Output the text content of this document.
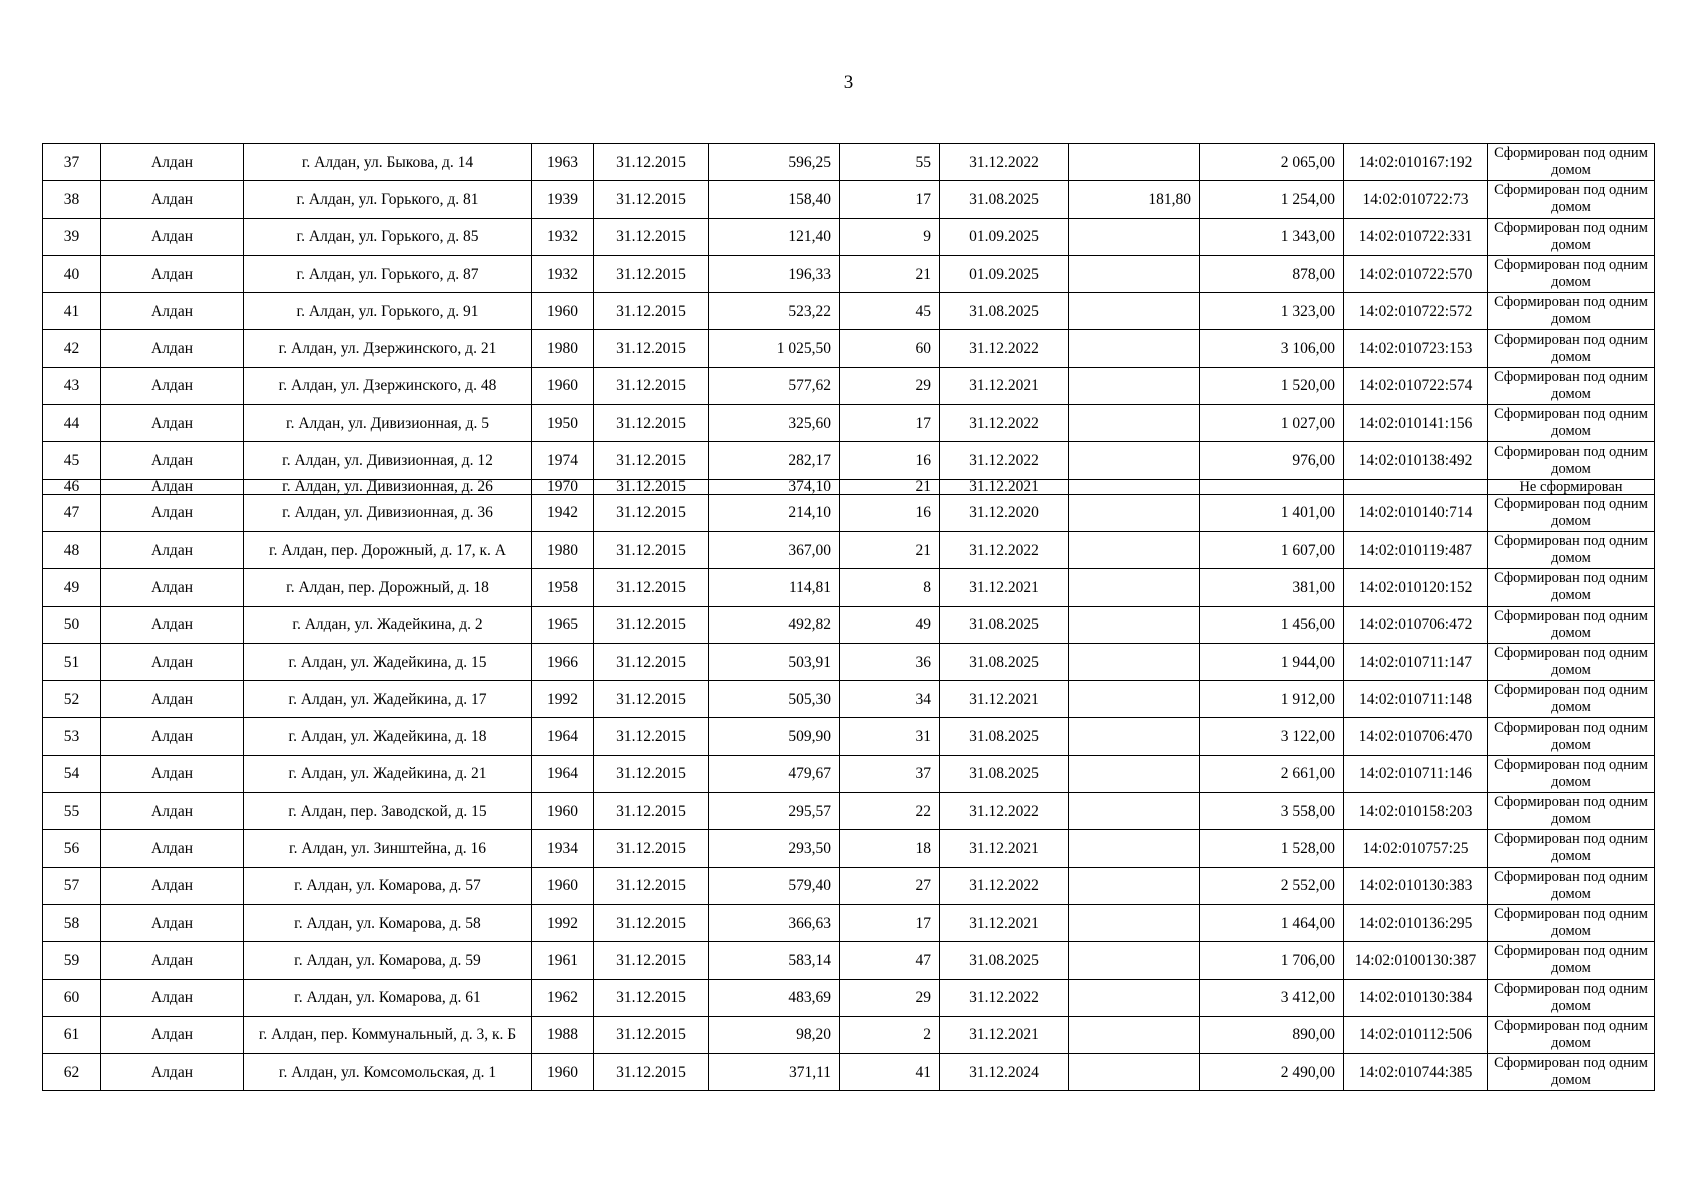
3
37	Алдан	г. Алдан, ул. Быкова, д. 14	1963	31.12.2015	596,25	55	31.12.2022		2 065,00	14:02:010167:192	Сформирован под одним домом
38	Алдан	г. Алдан, ул. Горького, д. 81	1939	31.12.2015	158,40	17	31.08.2025	181,80	1 254,00	14:02:010722:73	Сформирован под одним домом
39	Алдан	г. Алдан, ул. Горького, д. 85	1932	31.12.2015	121,40	9	01.09.2025		1 343,00	14:02:010722:331	Сформирован под одним домом
40	Алдан	г. Алдан, ул. Горького, д. 87	1932	31.12.2015	196,33	21	01.09.2025		878,00	14:02:010722:570	Сформирован под одним домом
41	Алдан	г. Алдан, ул. Горького, д. 91	1960	31.12.2015	523,22	45	31.08.2025		1 323,00	14:02:010722:572	Сформирован под одним домом
42	Алдан	г. Алдан, ул. Дзержинского, д. 21	1980	31.12.2015	1 025,50	60	31.12.2022		3 106,00	14:02:010723:153	Сформирован под одним домом
43	Алдан	г. Алдан, ул. Дзержинского, д. 48	1960	31.12.2015	577,62	29	31.12.2021		1 520,00	14:02:010722:574	Сформирован под одним домом
44	Алдан	г. Алдан, ул. Дивизионная, д. 5	1950	31.12.2015	325,60	17	31.12.2022		1 027,00	14:02:010141:156	Сформирован под одним домом
45	Алдан	г. Алдан, ул. Дивизионная, д. 12	1974	31.12.2015	282,17	16	31.12.2022		976,00	14:02:010138:492	Сформирован под одним домом
46	Алдан	г. Алдан, ул. Дивизионная, д. 26	1970	31.12.2015	374,10	21	31.12.2021				Не сформирован
47	Алдан	г. Алдан, ул. Дивизионная, д. 36	1942	31.12.2015	214,10	16	31.12.2020		1 401,00	14:02:010140:714	Сформирован под одним домом
48	Алдан	г. Алдан, пер. Дорожный, д. 17, к. А	1980	31.12.2015	367,00	21	31.12.2022		1 607,00	14:02:010119:487	Сформирован под одним домом
49	Алдан	г. Алдан, пер. Дорожный, д. 18	1958	31.12.2015	114,81	8	31.12.2021		381,00	14:02:010120:152	Сформирован под одним домом
50	Алдан	г. Алдан, ул. Жадейкина, д. 2	1965	31.12.2015	492,82	49	31.08.2025		1 456,00	14:02:010706:472	Сформирован под одним домом
51	Алдан	г. Алдан, ул. Жадейкина, д. 15	1966	31.12.2015	503,91	36	31.08.2025		1 944,00	14:02:010711:147	Сформирован под одним домом
52	Алдан	г. Алдан, ул. Жадейкина, д. 17	1992	31.12.2015	505,30	34	31.12.2021		1 912,00	14:02:010711:148	Сформирован под одним домом
53	Алдан	г. Алдан, ул. Жадейкина, д. 18	1964	31.12.2015	509,90	31	31.08.2025		3 122,00	14:02:010706:470	Сформирован под одним домом
54	Алдан	г. Алдан, ул. Жадейкина, д. 21	1964	31.12.2015	479,67	37	31.08.2025		2 661,00	14:02:010711:146	Сформирован под одним домом
55	Алдан	г. Алдан, пер. Заводской, д. 15	1960	31.12.2015	295,57	22	31.12.2022		3 558,00	14:02:010158:203	Сформирован под одним домом
56	Алдан	г. Алдан, ул. Зинштейна, д. 16	1934	31.12.2015	293,50	18	31.12.2021		1 528,00	14:02:010757:25	Сформирован под одним домом
57	Алдан	г. Алдан, ул. Комарова, д. 57	1960	31.12.2015	579,40	27	31.12.2022		2 552,00	14:02:010130:383	Сформирован под одним домом
58	Алдан	г. Алдан, ул. Комарова, д. 58	1992	31.12.2015	366,63	17	31.12.2021		1 464,00	14:02:010136:295	Сформирован под одним домом
59	Алдан	г. Алдан, ул. Комарова, д. 59	1961	31.12.2015	583,14	47	31.08.2025		1 706,00	14:02:0100130:387	Сформирован под одним домом
60	Алдан	г. Алдан, ул. Комарова, д. 61	1962	31.12.2015	483,69	29	31.12.2022		3 412,00	14:02:010130:384	Сформирован под одним домом
61	Алдан	г. Алдан, пер. Коммунальный, д. 3, к. Б	1988	31.12.2015	98,20	2	31.12.2021		890,00	14:02:010112:506	Сформирован под одним домом
62	Алдан	г. Алдан, ул. Комсомольская, д. 1	1960	31.12.2015	371,11	41	31.12.2024		2 490,00	14:02:010744:385	Сформирован под одним домом
